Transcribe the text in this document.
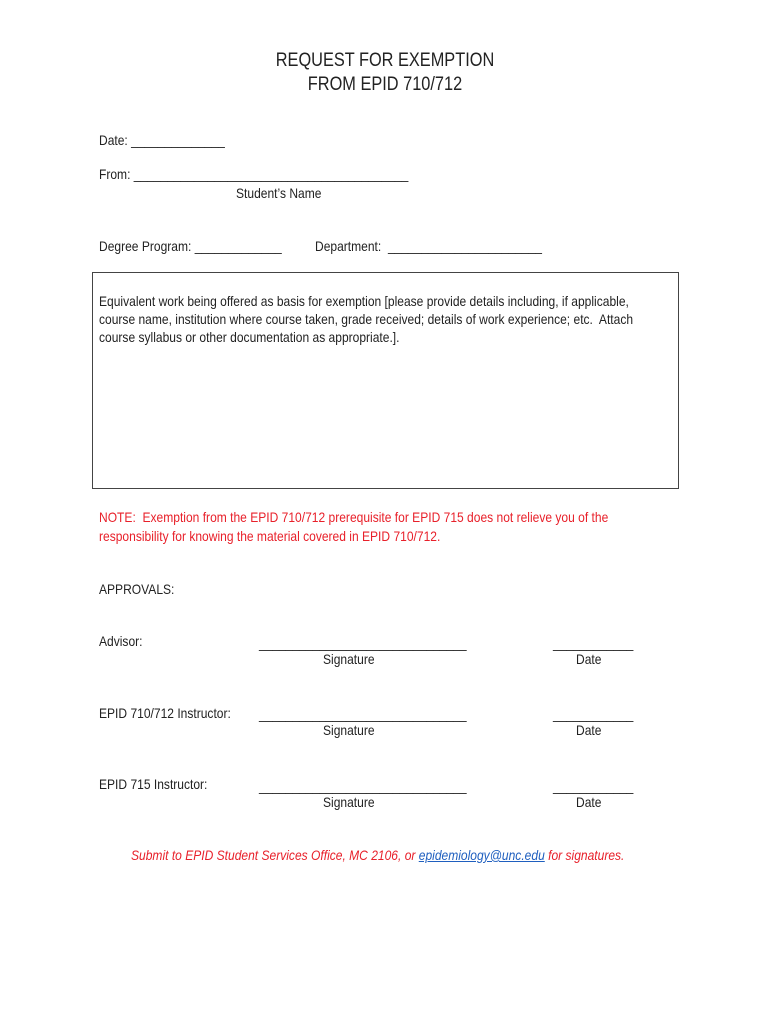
REQUEST FOR EXEMPTION
FROM EPID 710/712
Date: ______________
From: _________________________________________
Student’s Name
Degree Program: _____________ Department: _______________________
Equivalent work being offered as basis for exemption [please provide details including, if applicable,
course name, institution where course taken, grade received; details of work experience; etc.  Attach
course syllabus or other documentation as appropriate.].
NOTE:  Exemption from the EPID 710/712 prerequisite for EPID 715 does not relieve you of the
responsibility for knowing the material covered in EPID 710/712.
APPROVALS:
Advisor:	_______________________________	____________
Signature	Date
EPID 710/712 Instructor: _______________________________	____________
Signature	Date
EPID 715 Instructor:	_______________________________	____________
Signature	Date
Submit to EPID Student Services Office, MC 2106, or epidemiology@unc.edu for signatures.
